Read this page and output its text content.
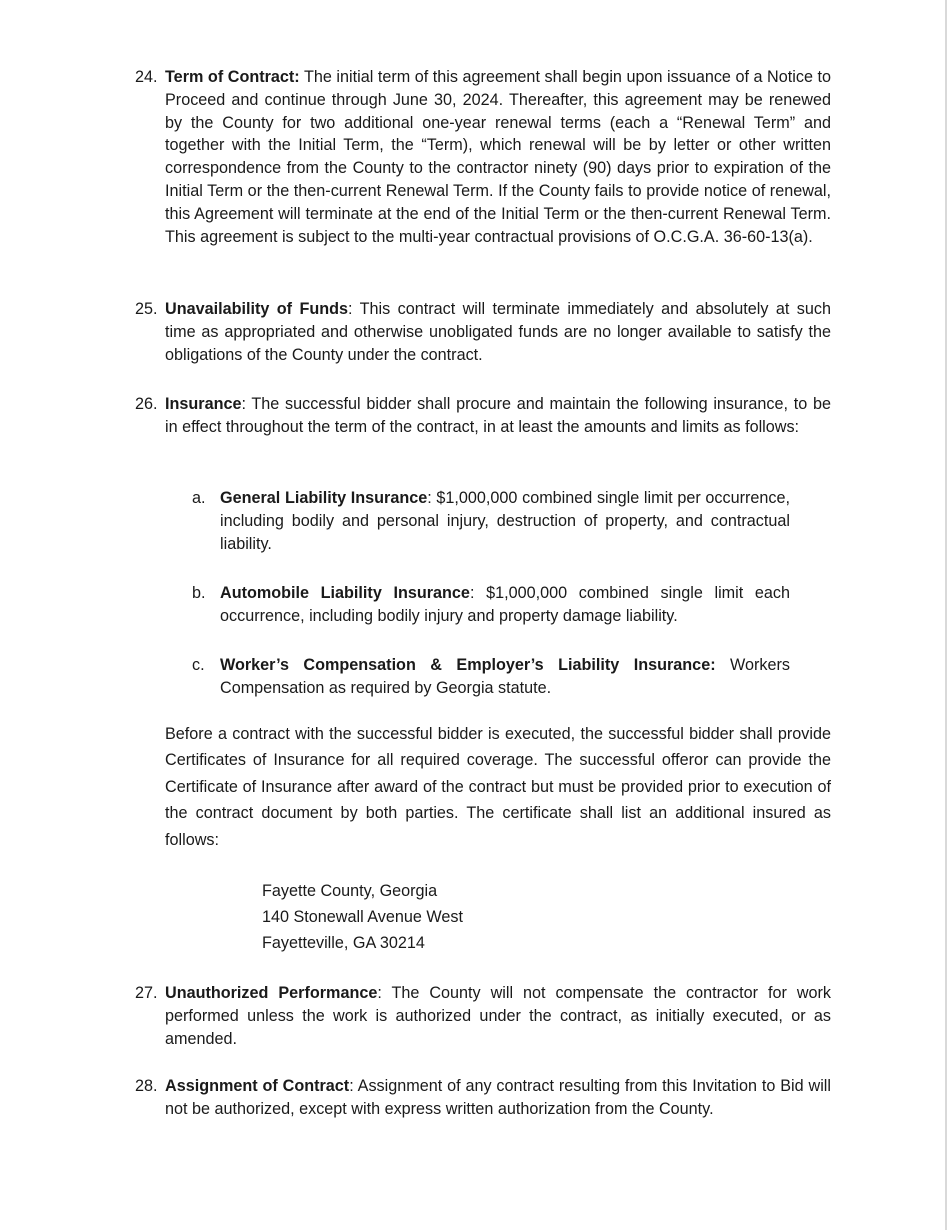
24. Term of Contract: The initial term of this agreement shall begin upon issuance of a Notice to Proceed and continue through June 30, 2024. Thereafter, this agreement may be renewed by the County for two additional one-year renewal terms (each a “Renewal Term” and together with the Initial Term, the “Term), which renewal will be by letter or other written correspondence from the County to the contractor ninety (90) days prior to expiration of the Initial Term or the then-current Renewal Term. If the County fails to provide notice of renewal, this Agreement will terminate at the end of the Initial Term or the then-current Renewal Term. This agreement is subject to the multi-year contractual provisions of O.C.G.A. 36-60-13(a).
25. Unavailability of Funds: This contract will terminate immediately and absolutely at such time as appropriated and otherwise unobligated funds are no longer available to satisfy the obligations of the County under the contract.
26. Insurance: The successful bidder shall procure and maintain the following insurance, to be in effect throughout the term of the contract, in at least the amounts and limits as follows:
a. General Liability Insurance: $1,000,000 combined single limit per occurrence, including bodily and personal injury, destruction of property, and contractual liability.
b. Automobile Liability Insurance: $1,000,000 combined single limit each occurrence, including bodily injury and property damage liability.
c. Worker’s Compensation & Employer’s Liability Insurance: Workers Compensation as required by Georgia statute.
Before a contract with the successful bidder is executed, the successful bidder shall provide Certificates of Insurance for all required coverage. The successful offeror can provide the Certificate of Insurance after award of the contract but must be provided prior to execution of the contract document by both parties. The certificate shall list an additional insured as follows:
Fayette County, Georgia
140 Stonewall Avenue West
Fayetteville, GA 30214
27. Unauthorized Performance: The County will not compensate the contractor for work performed unless the work is authorized under the contract, as initially executed, or as amended.
28. Assignment of Contract: Assignment of any contract resulting from this Invitation to Bid will not be authorized, except with express written authorization from the County.
